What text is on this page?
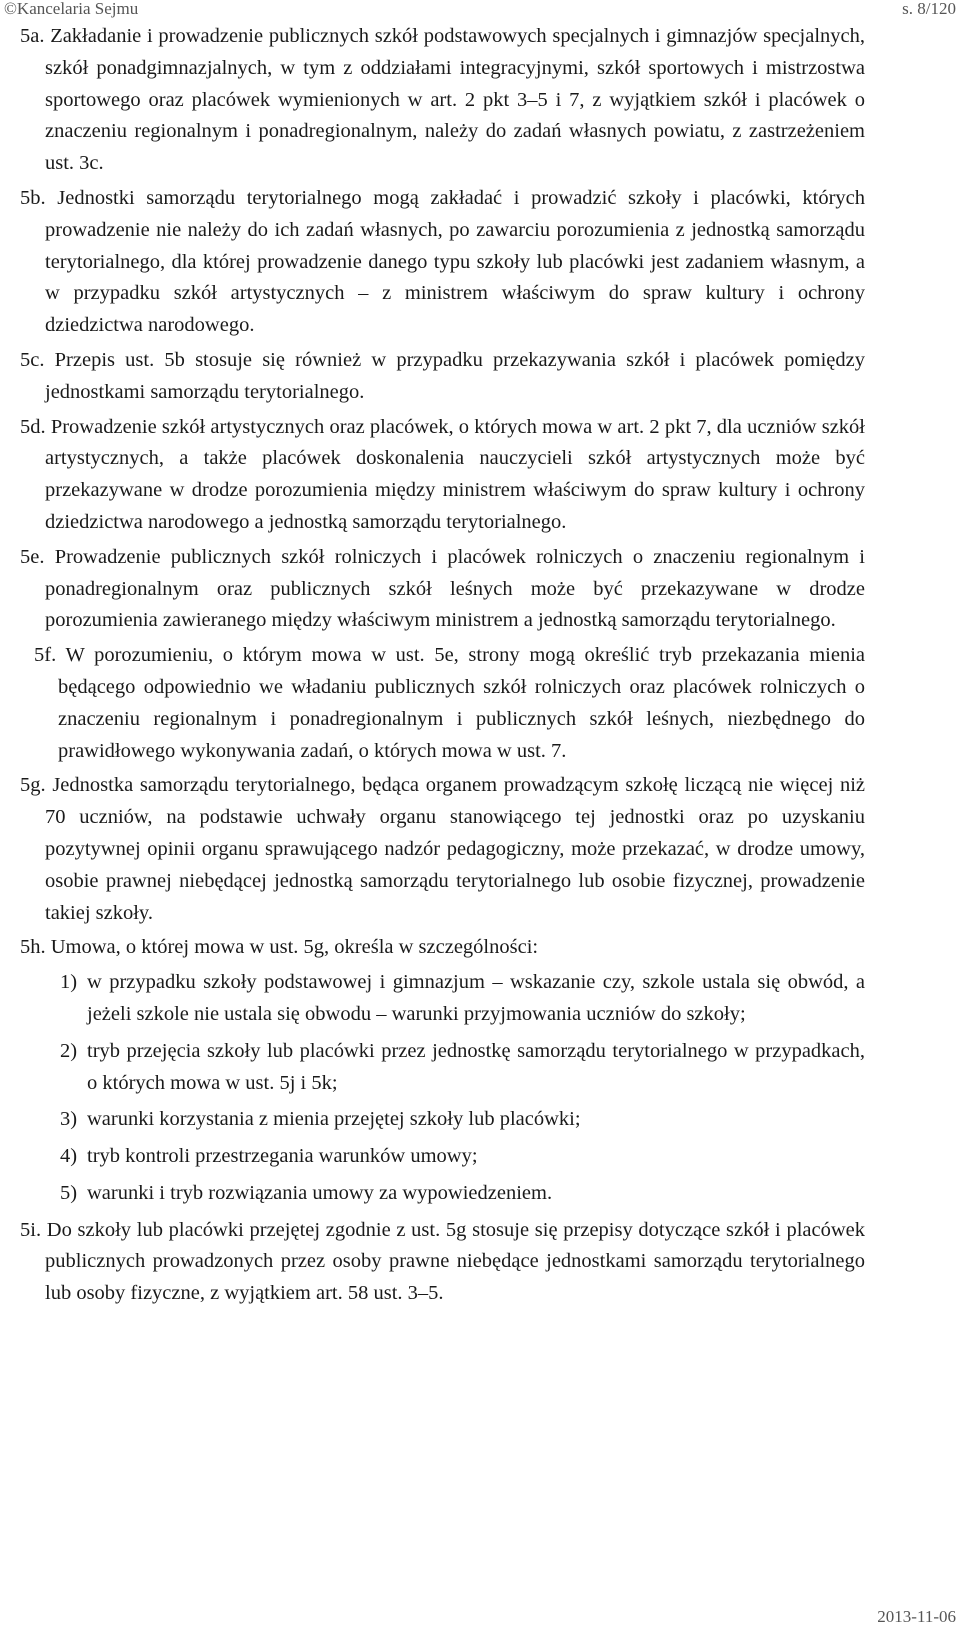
©Kancelaria Sejmu	s. 8/120

5a. Zakładanie i prowadzenie publicznych szkół podstawowych specjalnych i gimnazjów specjalnych, szkół ponadgimnazjalnych, w tym z oddziałami integracyjnymi, szkół sportowych i mistrzostwa sportowego oraz placówek wymienionych w art. 2 pkt 3–5 i 7, z wyjątkiem szkół i placówek o znaczeniu regionalnym i ponadregionalnym, należy do zadań własnych powiatu, z zastrzeżeniem ust. 3c.

5b. Jednostki samorządu terytorialnego mogą zakładać i prowadzić szkoły i placówki, których prowadzenie nie należy do ich zadań własnych, po zawarciu porozumienia z jednostką samorządu terytorialnego, dla której prowadzenie danego typu szkoły lub placówki jest zadaniem własnym, a w przypadku szkół artystycznych – z ministrem właściwym do spraw kultury i ochrony dziedzictwa narodowego.

5c. Przepis ust. 5b stosuje się również w przypadku przekazywania szkół i placówek pomiędzy jednostkami samorządu terytorialnego.

5d. Prowadzenie szkół artystycznych oraz placówek, o których mowa w art. 2 pkt 7, dla uczniów szkół artystycznych, a także placówek doskonalenia nauczycieli szkół artystycznych może być przekazywane w drodze porozumienia między ministrem właściwym do spraw kultury i ochrony dziedzictwa narodowego a jednostką samorządu terytorialnego.

5e. Prowadzenie publicznych szkół rolniczych i placówek rolniczych o znaczeniu regionalnym i ponadregionalnym oraz publicznych szkół leśnych może być przekazywane w drodze porozumienia zawieranego między właściwym ministrem a jednostką samorządu terytorialnego.

5f. W porozumieniu, o którym mowa w ust. 5e, strony mogą określić tryb przekazania mienia będącego odpowiednio we władaniu publicznych szkół rolniczych oraz placówek rolniczych o znaczeniu regionalnym i ponadregionalnym i publicznych szkół leśnych, niezbędnego do prawidłowego wykonywania zadań, o których mowa w ust. 7.

5g. Jednostka samorządu terytorialnego, będąca organem prowadzącym szkołę liczącą nie więcej niż 70 uczniów, na podstawie uchwały organu stanowiącego tej jednostki oraz po uzyskaniu pozytywnej opinii organu sprawującego nadzór pedagogiczny, może przekazać, w drodze umowy, osobie prawnej niebędącej jednostką samorządu terytorialnego lub osobie fizycznej, prowadzenie takiej szkoły.

5h. Umowa, o której mowa w ust. 5g, określa w szczególności:

1) w przypadku szkoły podstawowej i gimnazjum – wskazanie czy, szkole ustala się obwód, a jeżeli szkole nie ustala się obwodu – warunki przyjmowania uczniów do szkoły;
2) tryb przejęcia szkoły lub placówki przez jednostkę samorządu terytorialnego w przypadkach, o których mowa w ust. 5j i 5k;
3) warunki korzystania z mienia przejętej szkoły lub placówki;
4) tryb kontroli przestrzegania warunków umowy;
5) warunki i tryb rozwiązania umowy za wypowiedzeniem.

5i. Do szkoły lub placówki przejętej zgodnie z ust. 5g stosuje się przepisy dotyczące szkół i placówek publicznych prowadzonych przez osoby prawne niebędące jednostkami samorządu terytorialnego lub osoby fizyczne, z wyjątkiem art. 58 ust. 3–5.

2013-11-06
